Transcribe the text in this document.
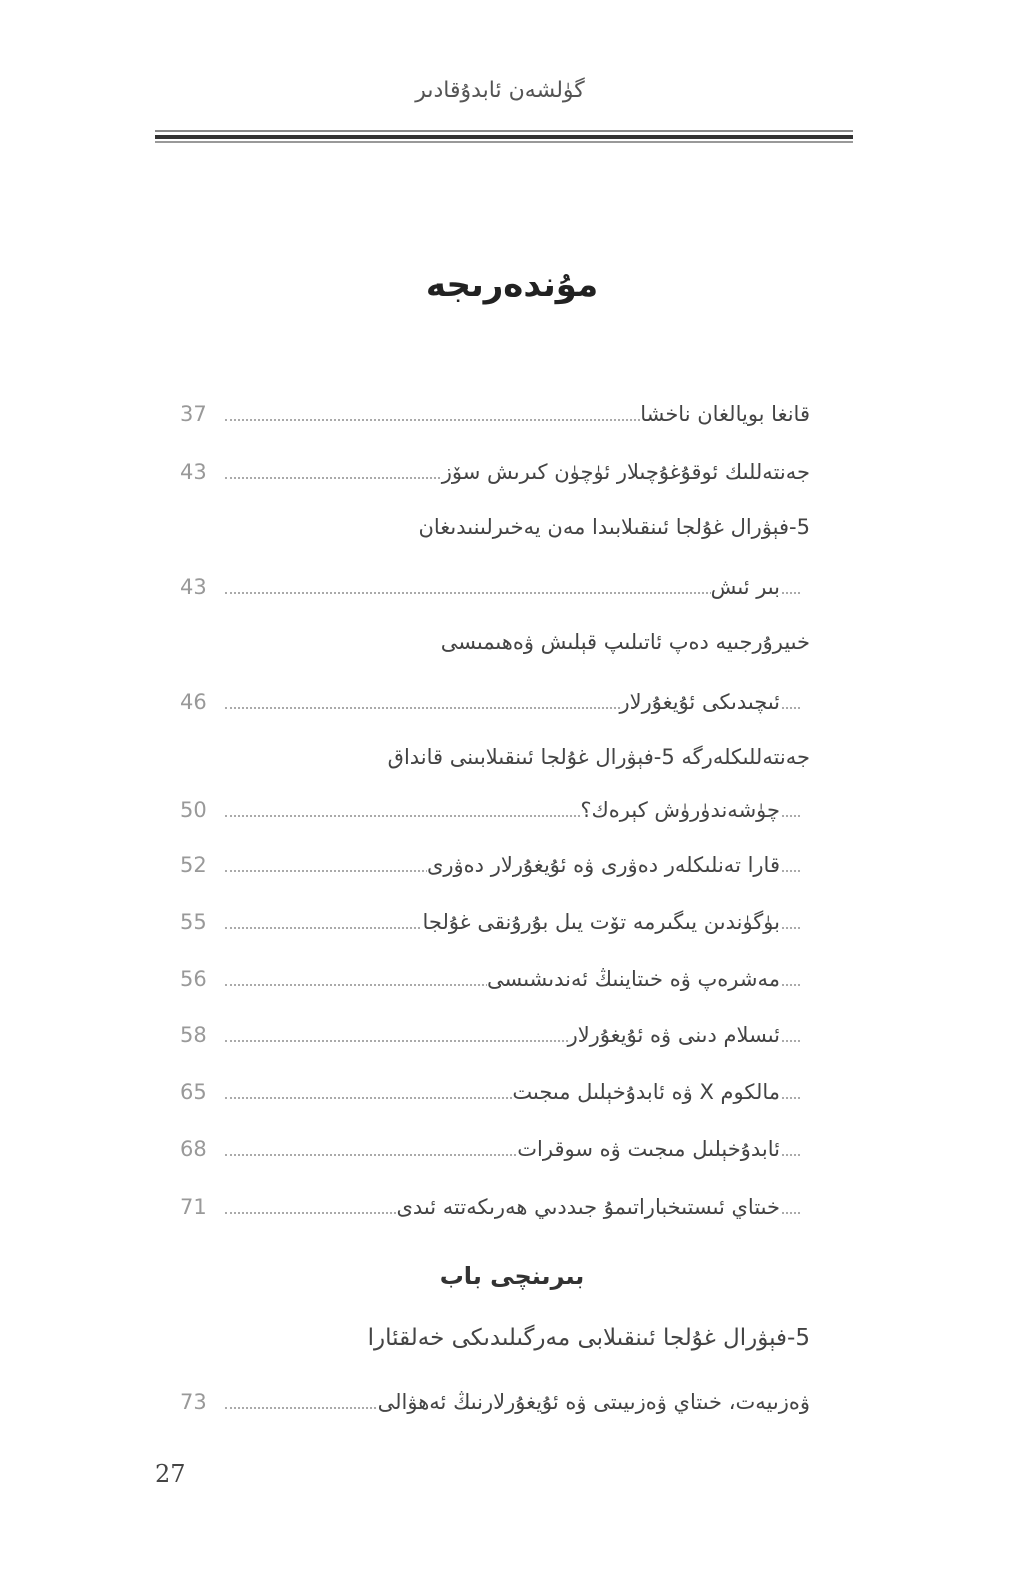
گۈلشەن ئابدۇقادىر
مۇندەرىجە
37	قانغا بويالغان ناخشا
43	جەنتەللىك ئوقۇغۇچىلار ئۈچۈن كىرىش سۆز
5-فېۋرال غۇلجا ئىنقىلابىدا مەن يەخىرلىنىدىغان
43	بىر ئىش
خىيرۇرجىيە دەپ ئاتىلىپ قېلىش ۋەھىمىسى
46	ئىچىدىكى ئۇيغۇرلار
جەنتەللىكلەرگە 5-فېۋرال غۇلجا ئىنقىلابىنى قانداق
50	چۈشەندۈرۈش كېرەك؟
52	قارا تەنلىكلەر دەۋرى ۋە ئۇيغۇرلار دەۋرى
55	بۈگۈندىن يىگىرمە تۆت يىل بۇرۇنقى غۇلجا
56	مەشرەپ ۋە خىتاينىڭ ئەندىشىسى
58	ئىسلام دىنى ۋە ئۇيغۇرلار
65	مالكوم X ۋە ئابدۇخېلىل مىجىت
68	ئابدۇخېلىل مىجىت ۋە سوقرات
71	خىتاي ئىستىخباراتىمۇ جىددىي ھەرىكەتتە ئىدى
بىرىنچى باب
5-فېۋرال غۇلجا ئىنقىلابى مەرگىلىدىكى خەلقئارا
73	ۋەزىيەت، خىتاي ۋەزىيىتى ۋە ئۇيغۇرلارنىڭ ئەھۋالى
27
